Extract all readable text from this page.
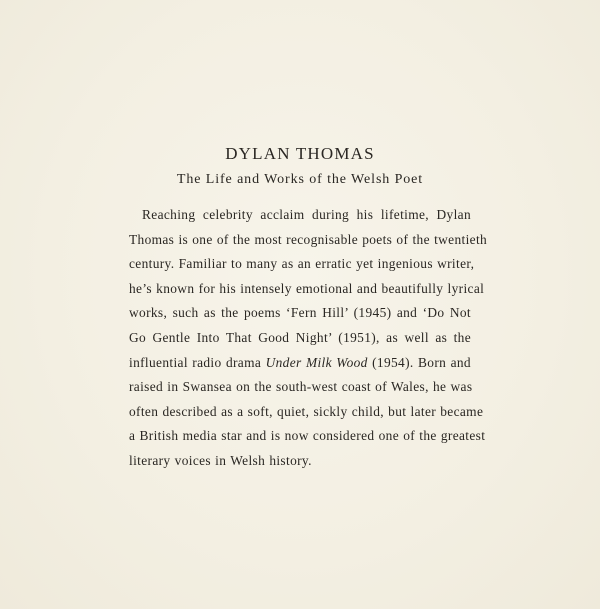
DYLAN THOMAS
The Life and Works of the Welsh Poet
Reaching celebrity acclaim during his lifetime, Dylan
Thomas is one of the most recognisable poets of the twentieth
century. Familiar to many as an erratic yet ingenious writer,
he’s known for his intensely emotional and beautifully lyrical
works, such as the poems ‘Fern Hill’ (1945) and ‘Do Not
Go Gentle Into That Good Night’ (1951), as well as the
influential radio drama Under Milk Wood (1954). Born and
raised in Swansea on the south-west coast of Wales, he was
often described as a soft, quiet, sickly child, but later became
a British media star and is now considered one of the greatest
literary voices in Welsh history.
